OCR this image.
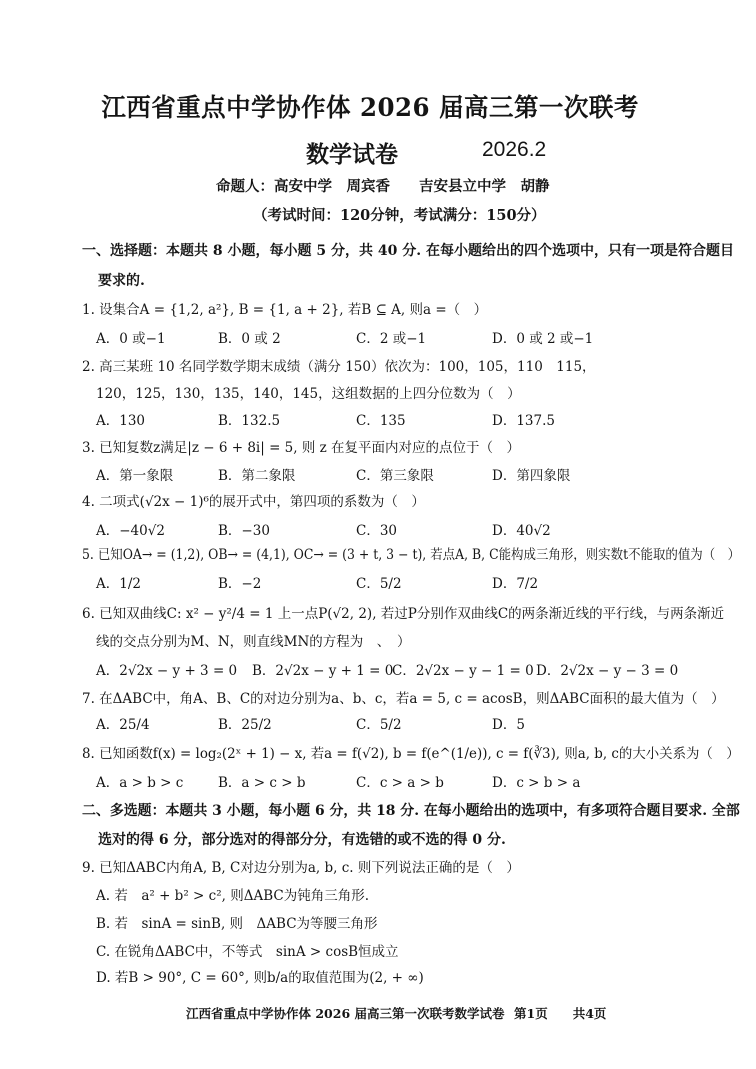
江西省重点中学协作体 2026 届高三第一次联考
数学试卷	2026.2
命题人：高安中学　周宾香　　吉安县立中学　胡静
（考试时间：120分钟，考试满分：150分）
一、选择题：本题共 8 小题，每小题 5 分，共 40 分. 在每小题给出的四个选项中，只有一项是符合题目
要求的.
1. 设集合A = {1,2, a²}, B = {1, a + 2}, 若B ⊆ A, 则a =（　）
A．0 或−1	B．0 或 2	C．2 或−1	D．0 或 2 或−1
2. 高三某班 10 名同学数学期末成绩（满分 150）依次为：100，105，110　115，
120，125，130，135，140，145，这组数据的上四分位数为（　）
A．130	B．132.5	C．135	D．137.5
3. 已知复数z满足|z − 6 + 8i| = 5, 则 z 在复平面内对应的点位于（　）
A．第一象限	B．第二象限	C．第三象限	D．第四象限
4. 二项式(√2x − 1)⁶的展开式中，第四项的系数为（　）
A．−40√2	B．−30	C．30	D．40√2
5. 已知OA→ = (1,2), OB→ = (4,1), OC→ = (3 + t, 3 − t), 若点A, B, C能构成三角形，则实数t不能取的值为（　）
A．1/2	B．−2	C．5/2	D．7/2
6. 已知双曲线C: x² − y²/4 = 1 上一点P(√2, 2), 若过P分别作双曲线C的两条渐近线的平行线，与两条渐近
线的交点分别为M、N，则直线MN的方程为　、　）
A．2√2x − y + 3 = 0 B．2√2x − y + 1 = 0
C．2√2x − y − 1 = 0 D．2√2x − y − 3 = 0
7. 在ΔABC中，角A、B、C的对边分别为a、b、c，若a = 5, c = acosB，则ΔABC面积的最大值为（　）
A．25/4	B．25/2	C．5/2	D．5
8. 已知函数f(x) = log₂(2ˣ + 1) − x, 若a = f(√2), b = f(e^(1/e)), c = f(∛3), 则a, b, c的大小关系为（　）
A．a > b > c	B．a > c > b	C．c > a > b	D．c > b > a
二、多选题：本题共 3 小题，每小题 6 分，共 18 分. 在每小题给出的选项中，有多项符合题目要求. 全部
选对的得 6 分，部分选对的得部分分，有选错的或不选的得 0 分.
9. 已知ΔABC内角A, B, C对边分别为a, b, c. 则下列说法正确的是（　）
A. 若　a² + b² > c², 则ΔABC为钝角三角形.
B. 若　sinA = sinB, 则　ΔABC为等腰三角形
C. 在锐角ΔABC中，不等式　sinA > cosB恒成立
D. 若B > 90°, C = 60°, 则b/a的取值范围为(2, + ∞)
江西省重点中学协作体 2026 届高三第一次联考数学试卷 第1页　　共4页
